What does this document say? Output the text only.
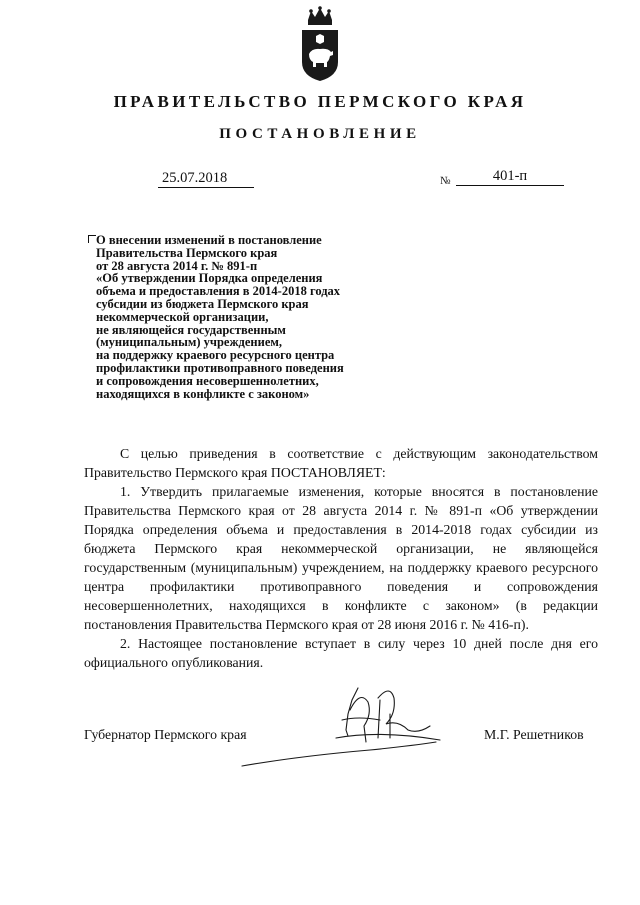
ПРАВИТЕЛЬСТВО ПЕРМСКОГО КРАЯ
ПОСТАНОВЛЕНИЕ
25.07.2018	№	401-п
О внесении изменений в постановление
Правительства Пермского края
от 28 августа 2014 г. № 891-п
«Об утверждении Порядка определения
объема и предоставления в 2014-2018 годах
субсидии из бюджета Пермского края
некоммерческой организации,
не являющейся государственным
(муниципальным) учреждением,
на поддержку краевого ресурсного центра
профилактики противоправного поведения
и сопровождения несовершеннолетних,
находящихся в конфликте с законом»

С целью приведения в соответствие с действующим законодательством Правительство Пермского края ПОСТАНОВЛЯЕТ:

1. Утвердить прилагаемые изменения, которые вносятся в постановление Правительства Пермского края от 28 августа 2014 г. № 891-п «Об утверждении Порядка определения объема и предоставления в 2014-2018 годах субсидии из бюджета Пермского края некоммерческой организации, не являющейся государственным (муниципальным) учреждением, на поддержку краевого ресурсного центра профилактики противоправного поведения и сопровождения несовершеннолетних, находящихся в конфликте с законом» (в редакции постановления Правительства Пермского края от 28 июня 2016 г. № 416-п).

2. Настоящее постановление вступает в силу через 10 дней после дня его официального опубликования.

Губернатор Пермского края	М.Г. Решетников
